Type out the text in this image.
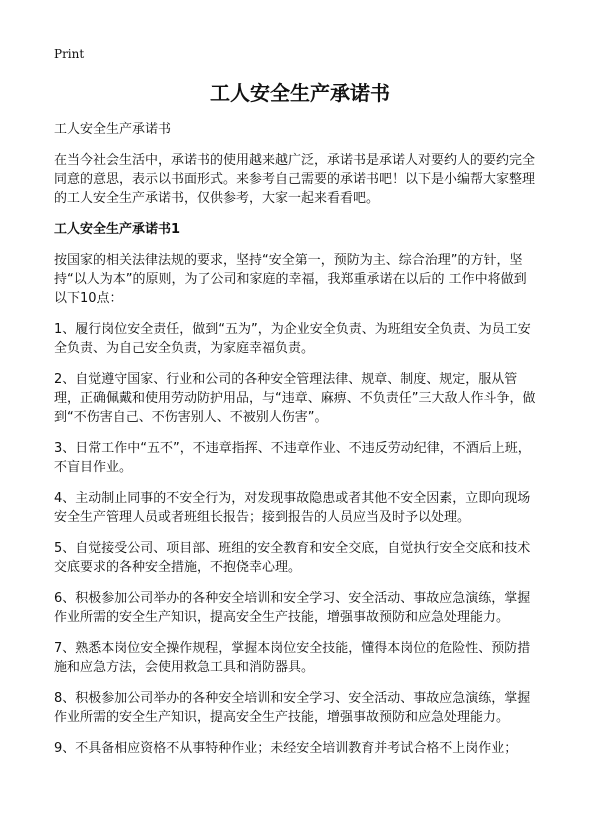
Print
工人安全生产承诺书

工人安全生产承诺书

在当今社会生活中，承诺书的使用越来越广泛，承诺书是承诺人对要约人的要约完全同意的意思，表示以书面形式。来参考自己需要的承诺书吧！以下是小编帮大家整理的工人安全生产承诺书，仅供参考，大家一起来看看吧。

工人安全生产承诺书1

按国家的相关法律法规的要求，坚持“安全第一，预防为主、综合治理”的方针，坚持“以人为本”的原则，为了公司和家庭的幸福，我郑重承诺在以后的 工作中将做到以下10点：

1、履行岗位安全责任，做到“五为”，为企业安全负责、为班组安全负责、为员工安全负责、为自己安全负责，为家庭幸福负责。

2、自觉遵守国家、行业和公司的各种安全管理法律、规章、制度、规定，服从管理，正确佩戴和使用劳动防护用品，与“违章、麻痹、不负责任”三大敌人作斗争，做到“不伤害自己、不伤害别人、不被别人伤害”。

3、日常工作中“五不”，不违章指挥、不违章作业、不违反劳动纪律，不酒后上班，不盲目作业。

4、主动制止同事的不安全行为，对发现事故隐患或者其他不安全因素，立即向现场安全生产管理人员或者班组长报告；接到报告的人员应当及时予以处理。

5、自觉接受公司、项目部、班组的安全教育和安全交底，自觉执行安全交底和技术交底要求的各种安全措施，不抱侥幸心理。

6、积极参加公司举办的各种安全培训和安全学习、安全活动、事故应急演练，掌握作业所需的安全生产知识，提高安全生产技能，增强事故预防和应急处理能力。

7、熟悉本岗位安全操作规程，掌握本岗位安全技能，懂得本岗位的危险性、预防措施和应急方法，会使用救急工具和消防器具。

8、积极参加公司举办的各种安全培训和安全学习、安全活动、事故应急演练，掌握作业所需的安全生产知识，提高安全生产技能，增强事故预防和应急处理能力。

9、不具备相应资格不从事特种作业；未经安全培训教育并考试合格不上岗作业；
